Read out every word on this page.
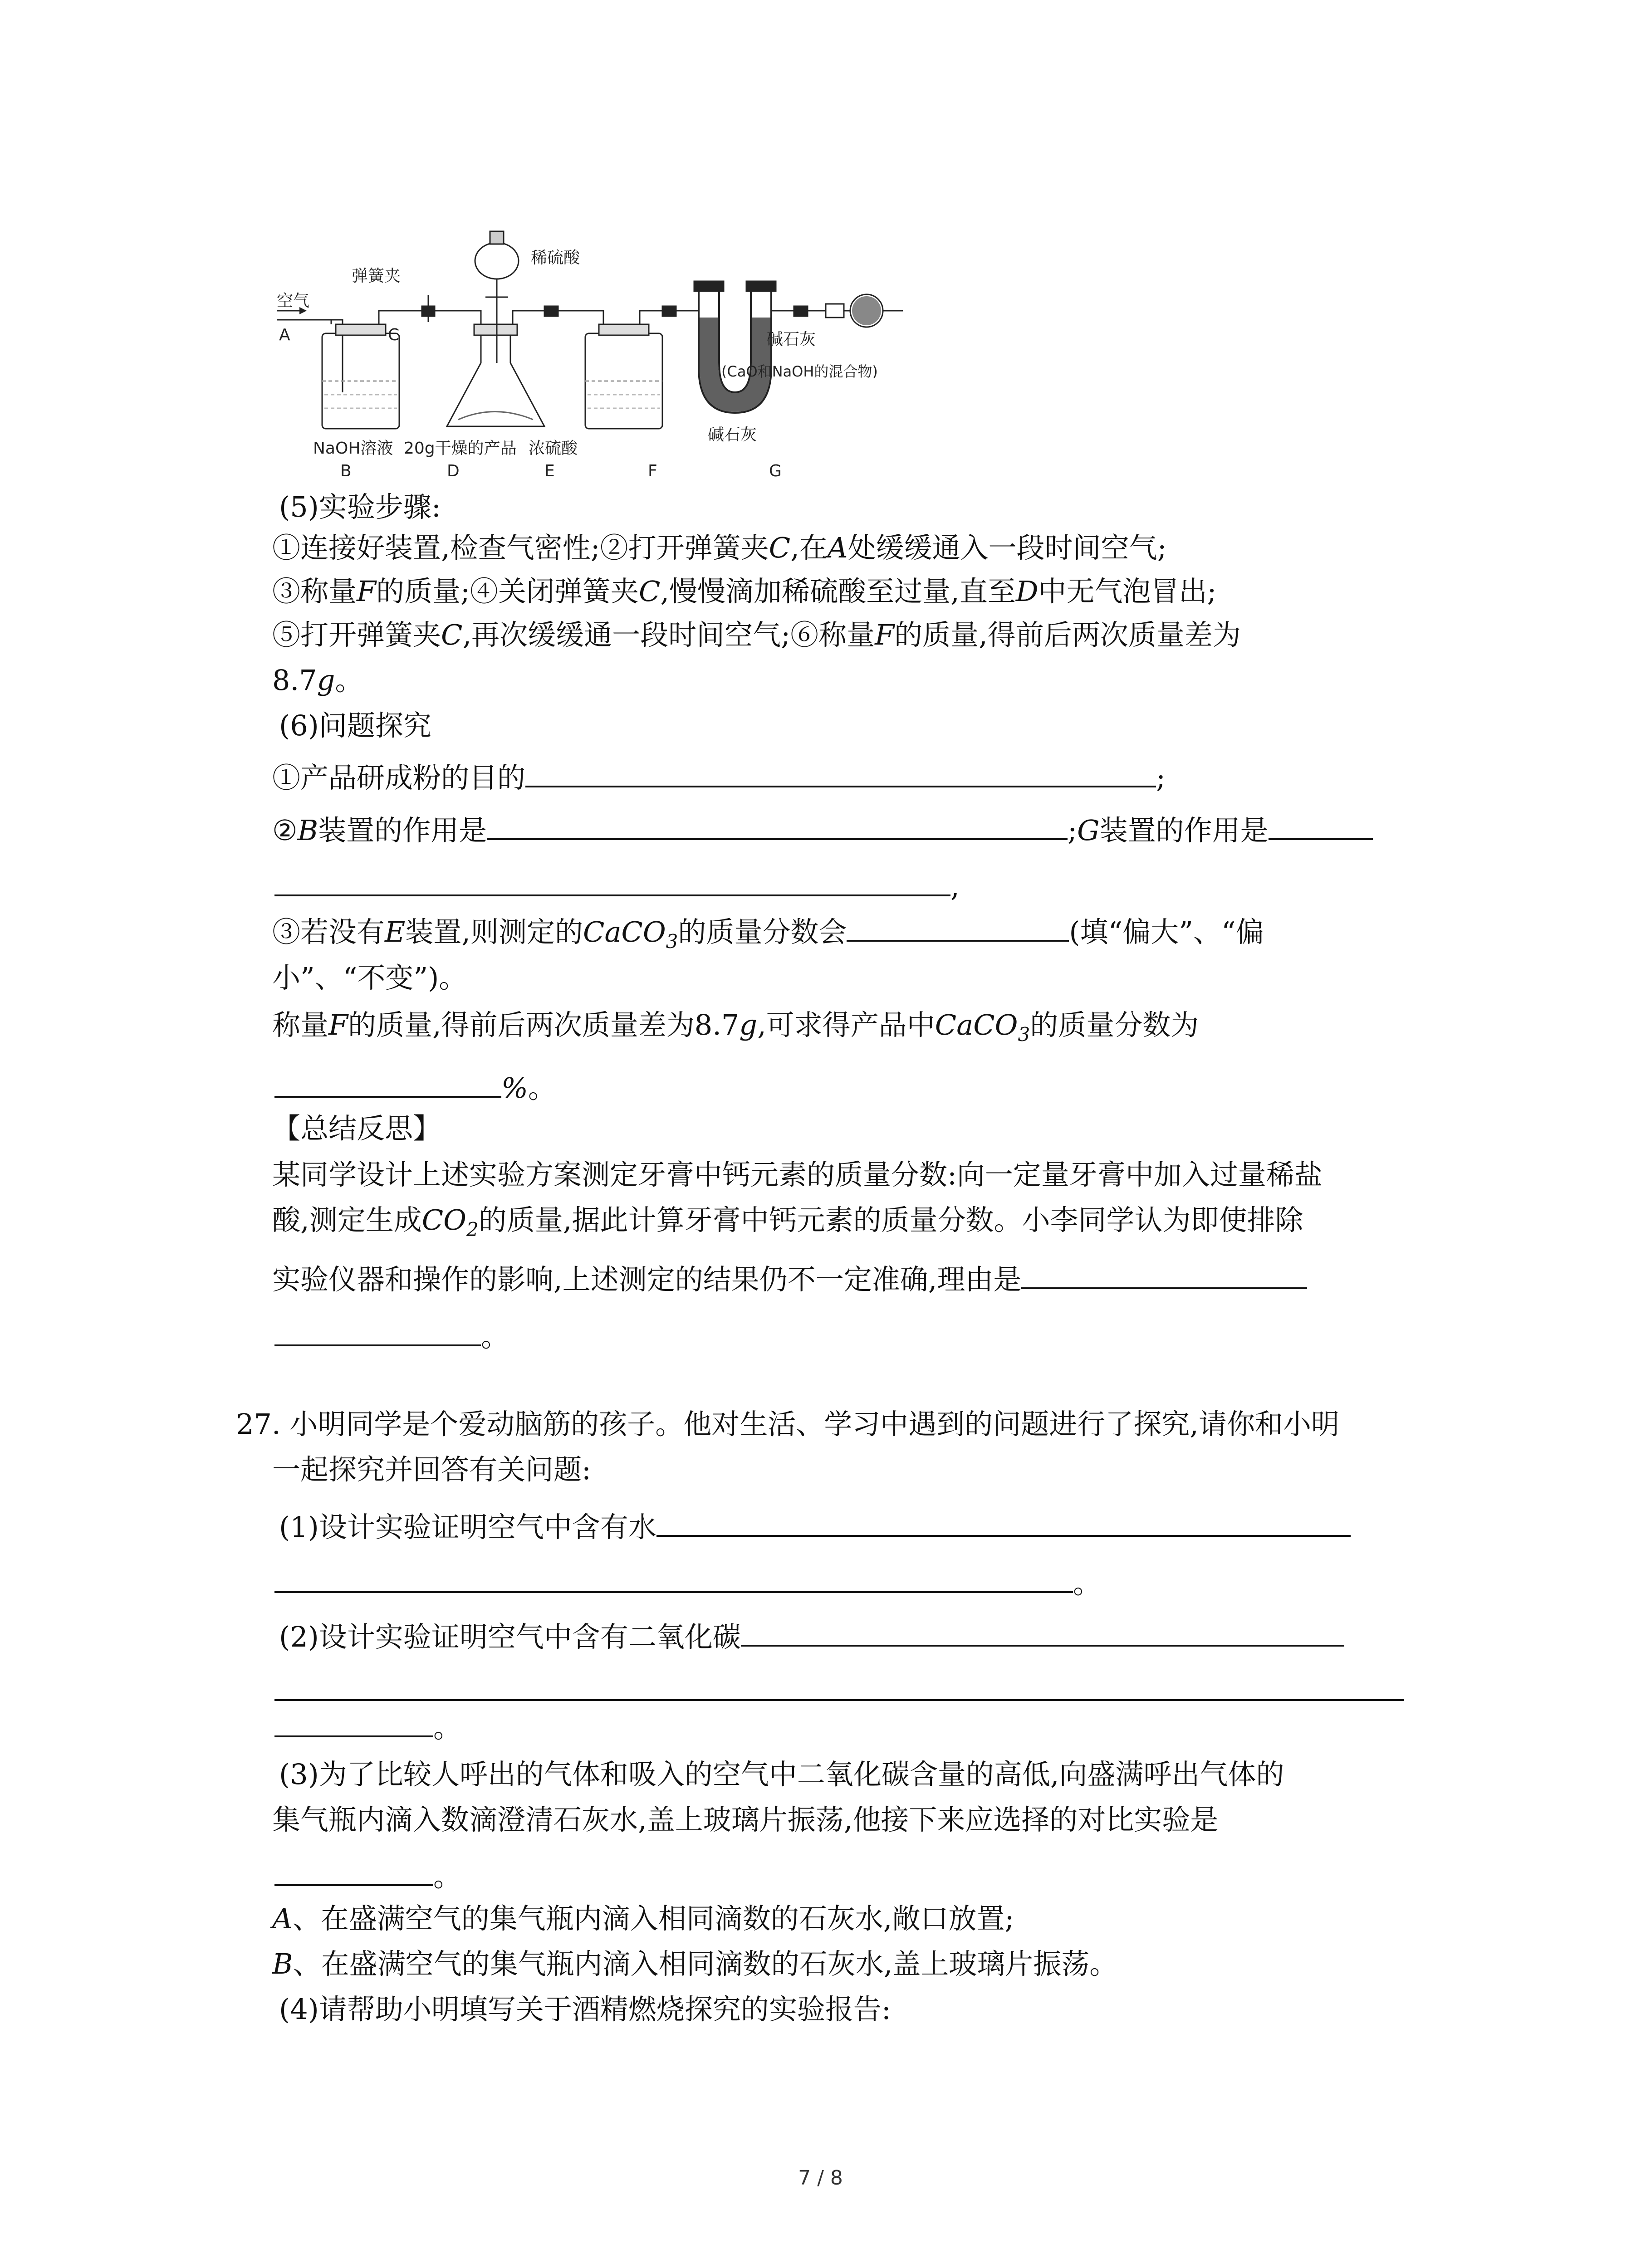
空气
A
弹簧夹
C
稀硫酸
碱石灰
(CaO和NaOH的混合物)
碱石灰
NaOH溶液 20g干燥的产品 浓硫酸
B	D	E	F	G
(5)实验步骤:
①连接好装置,检查气密性;②打开弹簧夹C,在A处缓缓通入一段时间空气;
③称量F的质量;④关闭弹簧夹C,慢慢滴加稀硫酸至过量,直至D中无气泡冒出;
⑤打开弹簧夹C,再次缓缓通一段时间空气;⑥称量F的质量,得前后两次质量差为
8.7g。
(6)问题探究
①产品研成粉的目的	;
②B装置的作用是	;G装置的作用是
,
③若没有E装置,则测定的CaCO$_3$的质量分数会	(填“偏大”、“偏
小”、“不变”)。
称量F的质量,得前后两次质量差为8.7g,可求得产品中CaCO$_3$的质量分数为
%。
【总结反思】
某同学设计上述实验方案测定牙膏中钙元素的质量分数:向一定量牙膏中加入过量稀盐
酸,测定生成$CO_2$的质量,据此计算牙膏中钙元素的质量分数。小李同学认为即使排除
实验仪器和操作的影响,上述测定的结果仍不一定准确,理由是
。
27. 小明同学是个爱动脑筋的孩子。他对生活、学习中遇到的问题进行了探究,请你和小明
一起探究并回答有关问题:
(1)设计实验证明空气中含有水
。
(2)设计实验证明空气中含有二氧化碳
。
(3)为了比较人呼出的气体和吸入的空气中二氧化碳含量的高低,向盛满呼出气体的
集气瓶内滴入数滴澄清石灰水,盖上玻璃片振荡,他接下来应选择的对比实验是
。
A、在盛满空气的集气瓶内滴入相同滴数的石灰水,敞口放置;
B、在盛满空气的集气瓶内滴入相同滴数的石灰水,盖上玻璃片振荡。
(4)请帮助小明填写关于酒精燃烧探究的实验报告:
7 / 8
